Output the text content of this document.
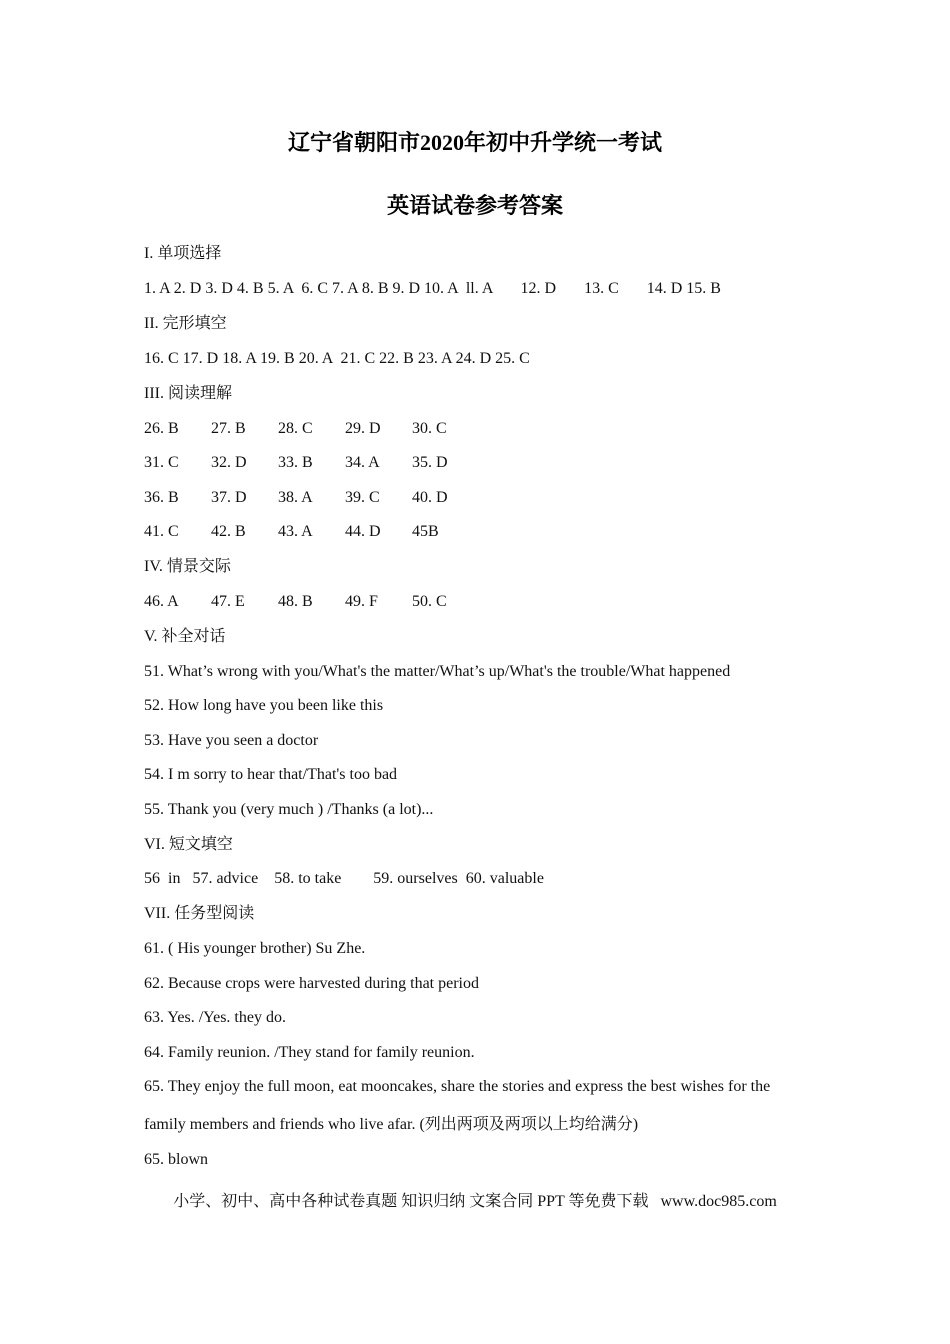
辽宁省朝阳市2020年初中升学统一考试
英语试卷参考答案
I. 单项选择
1. A 2. D 3. D 4. B 5. A  6. C 7. A 8. B 9. D 10. A  ll. A       12. D       13. C       14. D 15. B
II. 完形填空
16. C 17. D 18. A 19. B 20. A  21. C 22. B 23. A 24. D 25. C
III. 阅读理解
26. B 27. B 28. C 29. D 30. C
31. C 32. D 33. B 34. A 35. D
36. B 37. D 38. A 39. C 40. D
41. C 42. B 43. A 44. D 45B
IV. 情景交际
46. A 47. E 48. B 49. F 50. C
V. 补全对话
51. What’s wrong with you/What's the matter/What’s up/What's the trouble/What happened
52. How long have you been like this
53. Have you seen a doctor
54. I m sorry to hear that/That's too bad
55. Thank you (very much ) /Thanks (a lot)...
VI. 短文填空
56  in   57. advice    58. to take        59. ourselves  60. valuable
VII. 任务型阅读
61. ( His younger brother) Su Zhe.
62. Because crops were harvested during that period
63. Yes. /Yes. they do.
64. Family reunion. /They stand for family reunion.
65. They enjoy the full moon, eat mooncakes, share the stories and express the best wishes for the
family members and friends who live afar. (列出两项及两项以上均给满分)
65. blown
小学、初中、高中各种试卷真题 知识归纳 文案合同 PPT 等免费下载   www.doc985.com
